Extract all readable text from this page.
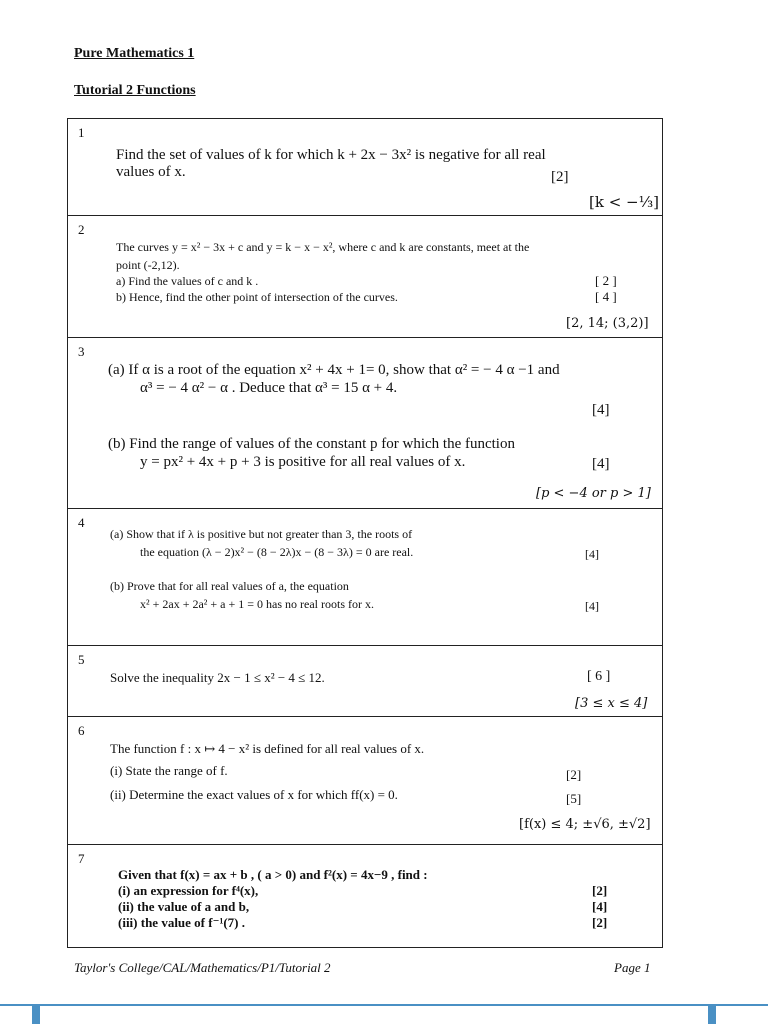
Pure Mathematics 1
Tutorial 2 Functions
1
Find the set of values of k for which k + 2x − 3x² is negative for all real
values of x.	[2]
[k < −⅓]

2
The curves y = x² − 3x + c and y = k − x − x², where c and k are constants, meet at the
point (-2,12).
a) Find the values of c and k .
b) Hence, find the other point of intersection of the curves.
[ 2 ]
[ 4 ]
[2, 14; (3,2)]

3
(a) If α is a root of the equation x² + 4x + 1= 0, show that α² = − 4 α −1 and
α³ = − 4 α² − α . Deduce that α³ = 15 α + 4.
[4]
(b) Find the range of values of the constant p for which the function
y = px² + 4x + p + 3 is positive for all real values of x.	[4]
[p < −4 or p > 1]

4
(a) Show that if λ is positive but not greater than 3, the roots of
the equation (λ − 2)x² − (8 − 2λ)x − (8 − 3λ) = 0 are real.	[4]
(b) Prove that for all real values of a, the equation
x² + 2ax + 2a² + a + 1 = 0 has no real roots for x.	[4]

5
Solve the inequality 2x − 1 ≤ x² − 4 ≤ 12.	[ 6 ]
[3 ≤ x ≤ 4]

6
The function f : x ↦ 4 − x² is defined for all real values of x.
(i) State the range of f.	[2]
(ii) Determine the exact values of x for which ff(x) = 0.	[5]
[f(x) ≤ 4; ±√6, ±√2]

7
Given that f(x) = ax + b , ( a > 0) and f²(x) = 4x−9 , find :
(i) an expression for f⁴(x),
(ii) the value of a and b,
(iii) the value of f⁻¹(7) .
[2]
[4]
[2]
Taylor's College/CAL/Mathematics/P1/Tutorial 2	Page 1
